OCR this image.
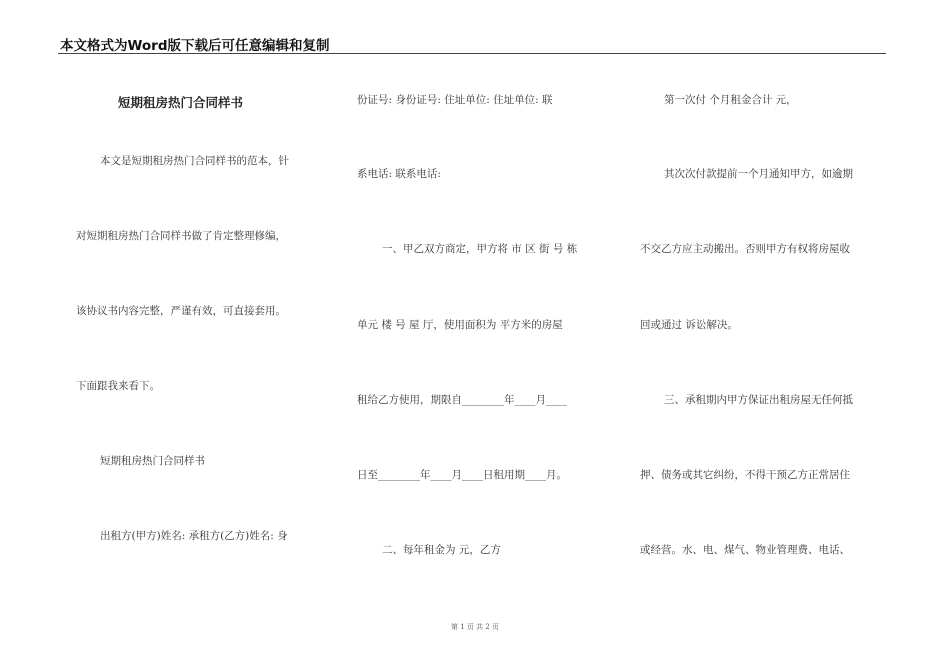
本文格式为Word版下载后可任意编辑和复制
短期租房热门合同样书
本文是短期租房热门合同样书的范本，针
对短期租房热门合同样书做了肯定整理修编，
该协议书内容完整，严谨有效，可直接套用。
下面跟我来看下。
短期租房热门合同样书
出租方(甲方)姓名: 承租方(乙方)姓名: 身
份证号: 身份证号: 住址单位: 住址单位: 联
系电话: 联系电话:
一、甲乙双方商定，甲方将 市 区 街 号 栋
单元 楼 号 屋 厅，使用面积为 平方米的房屋
租给乙方使用，期限自________年____月____
日至________年____月____日租用期____月。
二、每年租金为 元，乙方
第一次付 个月租金合计 元，
其次次付款提前一个月通知甲方，如逾期
不交乙方应主动搬出。否则甲方有权将房屋收
回或通过 诉讼解决。
三、承租期内甲方保证出租房屋无任何抵
押、债务或其它纠纷，不得干预乙方正常居住
或经营。水、电、煤气、物业管理费、电话、
第 1 页 共 2 页
